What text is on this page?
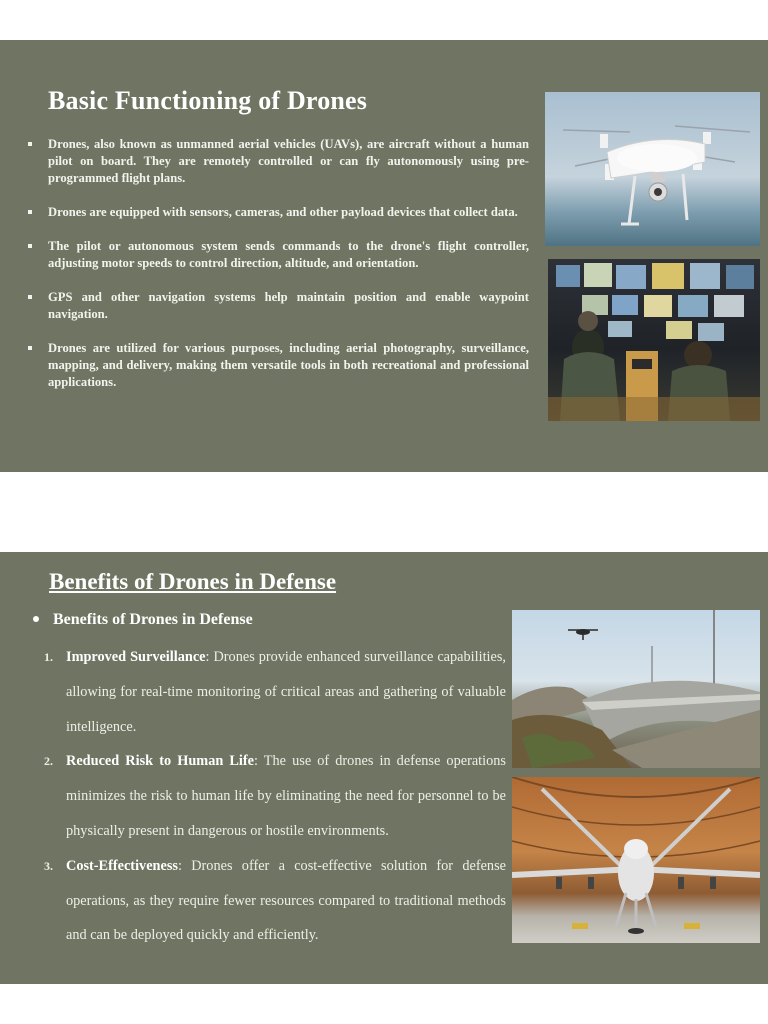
Basic Functioning of Drones
Drones, also known as unmanned aerial vehicles (UAVs), are aircraft without a human pilot on board. They are remotely controlled or can fly autonomously using pre-programmed flight plans.
Drones are equipped with sensors, cameras, and other payload devices that collect data.
The pilot or autonomous system sends commands to the drone's flight controller, adjusting motor speeds to control direction, altitude, and orientation.
GPS and other navigation systems help maintain position and enable waypoint navigation.
Drones are utilized for various purposes, including aerial photography, surveillance, mapping, and delivery, making them versatile tools in both recreational and professional applications.
Benefits of Drones in Defense

Benefits of Drones in Defense

1. Improved Surveillance: Drones provide enhanced surveillance capabilities, allowing for real-time monitoring of critical areas and gathering of valuable intelligence.
2. Reduced Risk to Human Life: The use of drones in defense operations minimizes the risk to human life by eliminating the need for personnel to be physically present in dangerous or hostile environments.
3. Cost-Effectiveness: Drones offer a cost-effective solution for defense operations, as they require fewer resources compared to traditional methods and can be deployed quickly and efficiently.
